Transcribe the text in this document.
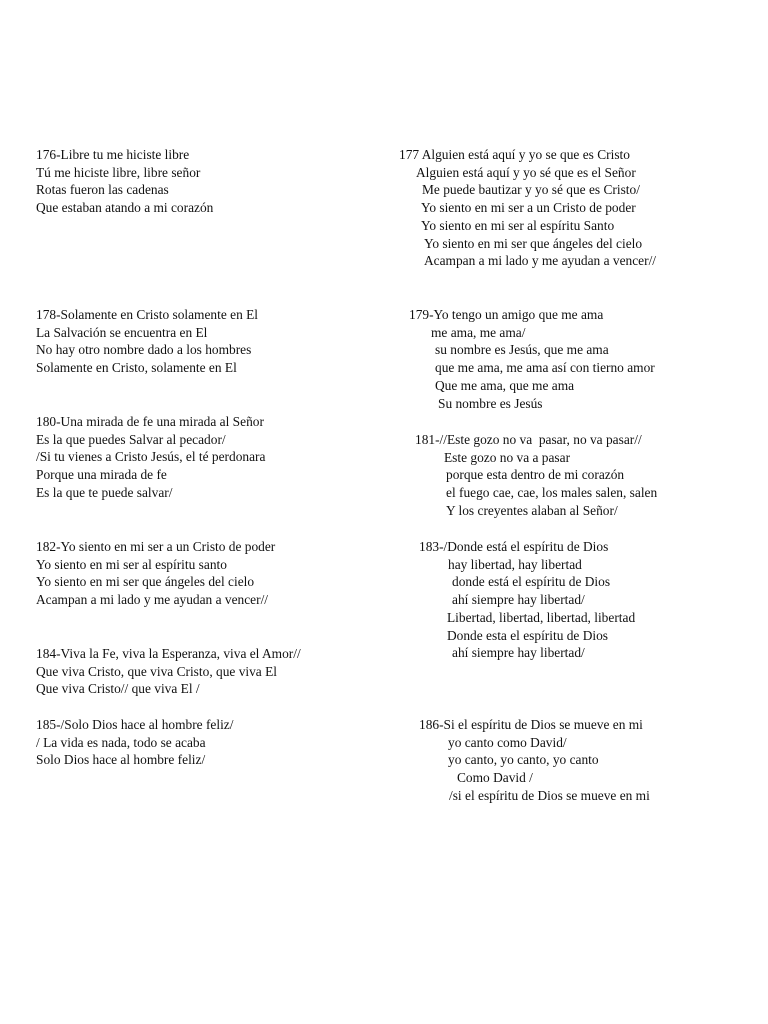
176-Libre tu me hiciste libre
Tú me hiciste libre, libre señor
Rotas fueron las cadenas
Que estaban atando a mi corazón
177 Alguien está aquí y yo se que es Cristo
Alguien está aquí y yo sé que es el Señor
Me puede bautizar y yo sé que es Cristo/
Yo siento en mi ser a un Cristo de poder
Yo siento en mi ser al espíritu Santo
Yo siento en mi ser que ángeles del cielo
Acampan a mi lado y me ayudan a vencer//
178-Solamente en Cristo solamente en El
La Salvación se encuentra en El
No hay otro nombre dado a los hombres
Solamente en Cristo, solamente en El
179-Yo tengo un amigo que me ama
me ama, me ama/
su nombre es Jesús, que me ama
que me ama, me ama así con tierno amor
Que me ama, que me ama
Su nombre es Jesús
180-Una mirada de fe una mirada al Señor
Es la que puedes Salvar al pecador/
/Si tu vienes a Cristo Jesús, el té perdonara
Porque una mirada de fe
Es la que te puede salvar/
181-//Este gozo no va  pasar, no va pasar//
Este gozo no va a pasar
porque esta dentro de mi corazón
el fuego cae, cae, los males salen, salen
Y los creyentes alaban al Señor/
182-Yo siento en mi ser a un Cristo de poder
Yo siento en mi ser al espíritu santo
Yo siento en mi ser que ángeles del cielo
Acampan a mi lado y me ayudan a vencer//
183-/Donde está el espíritu de Dios
hay libertad, hay libertad
donde está el espíritu de Dios
ahí siempre hay libertad/
Libertad, libertad, libertad, libertad
Donde esta el espíritu de Dios
ahí siempre hay libertad/
184-Viva la Fe, viva la Esperanza, viva el Amor//
Que viva Cristo, que viva Cristo, que viva El
Que viva Cristo// que viva El /
185-/Solo Dios hace al hombre feliz/
/ La vida es nada, todo se acaba
Solo Dios hace al hombre feliz/
186-Si el espíritu de Dios se mueve en mi
yo canto como David/
yo canto, yo canto, yo canto
Como David /
/si el espíritu de Dios se mueve en mi
